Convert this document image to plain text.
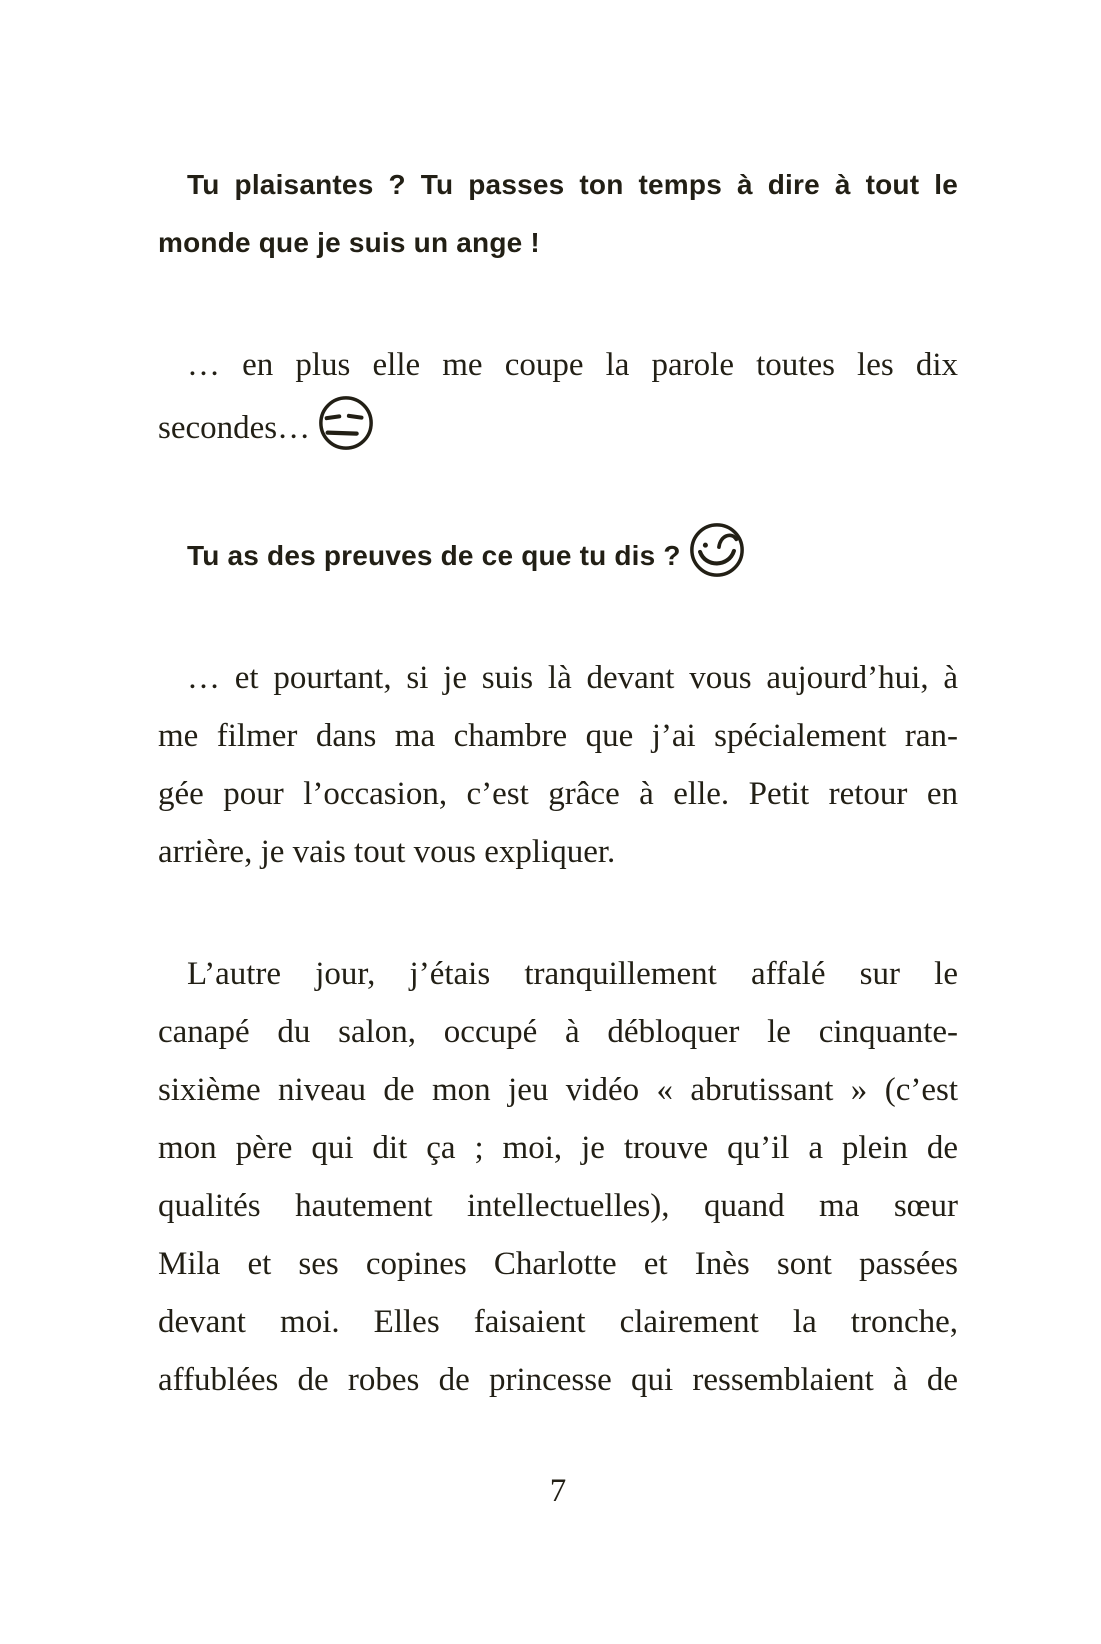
Tu plaisantes ? Tu passes ton temps à dire à tout le
monde que je suis un ange !
… en plus elle me coupe la parole toutes les dix
secondes…
Tu as des preuves de ce que tu dis ?
… et pourtant, si je suis là devant vous aujourd’hui, à
me filmer dans ma chambre que j’ai spécialement ran-
gée pour l’occasion, c’est grâce à elle. Petit retour en
arrière, je vais tout vous expliquer.
L’autre jour, j’étais tranquillement affalé sur le
canapé du salon, occupé à débloquer le cinquante-
sixième niveau de mon jeu vidéo « abrutissant » (c’est
mon père qui dit ça ; moi, je trouve qu’il a plein de
qualités hautement intellectuelles), quand ma sœur
Mila et ses copines Charlotte et Inès sont passées
devant moi. Elles faisaient clairement la tronche,
affublées de robes de princesse qui ressemblaient à de
7
